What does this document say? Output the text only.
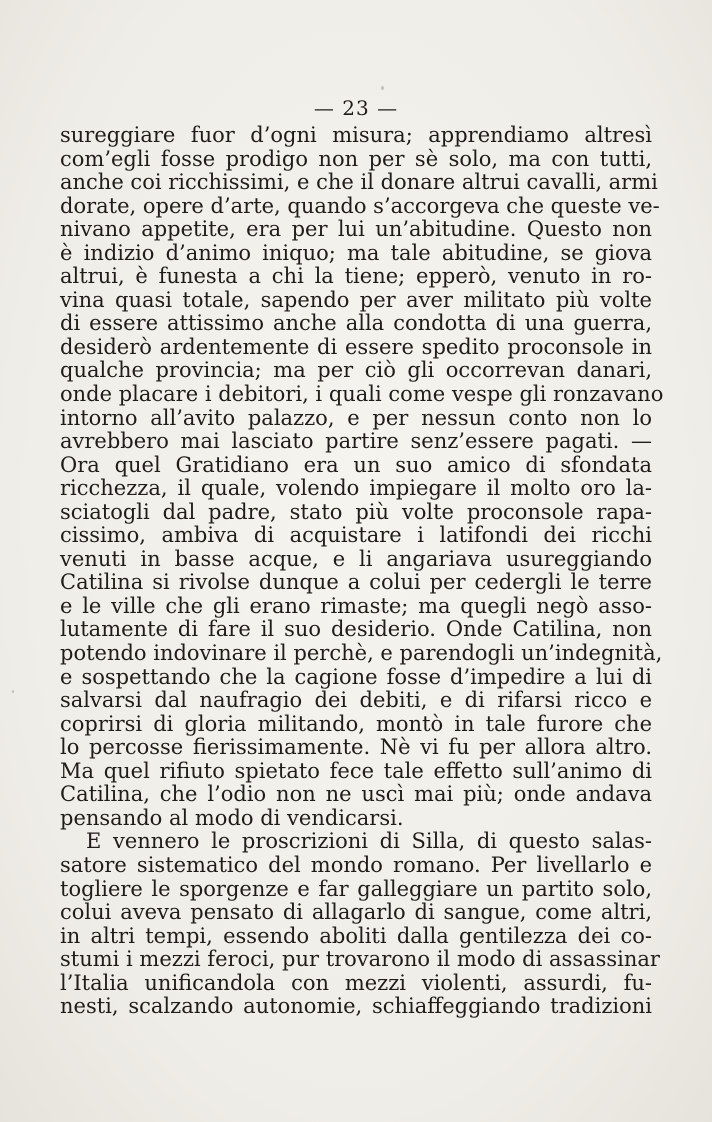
— 23 —
sureggiare fuor d’ogni misura; apprendiamo altresì
com’egli fosse prodigo non per sè solo, ma con tutti,
anche coi ricchissimi, e che il donare altrui cavalli, armi
dorate, opere d’arte, quando s’accorgeva che queste ve-
nivano appetite, era per lui un’abitudine. Questo non
è indizio d’animo iniquo; ma tale abitudine, se giova
altrui, è funesta a chi la tiene; epperò, venuto in ro-
vina quasi totale, sapendo per aver militato più volte
di essere attissimo anche alla condotta di una guerra,
desiderò ardentemente di essere spedito proconsole in
qualche provincia; ma per ciò gli occorrevan danari,
onde placare i debitori, i quali come vespe gli ronzavano
intorno all’avito palazzo, e per nessun conto non lo
avrebbero mai lasciato partire senz’essere pagati. —
Ora quel Gratidiano era un suo amico di sfondata
ricchezza, il quale, volendo impiegare il molto oro la-
sciatogli dal padre, stato più volte proconsole rapa-
cissimo, ambiva di acquistare i latifondi dei ricchi
venuti in basse acque, e li angariava usureggiando
Catilina si rivolse dunque a colui per cedergli le terre
e le ville che gli erano rimaste; ma quegli negò asso-
lutamente di fare il suo desiderio. Onde Catilina, non
potendo indovinare il perchè, e parendogli un’indegnità,
e sospettando che la cagione fosse d’impedire a lui di
salvarsi dal naufragio dei debiti, e di rifarsi ricco e
coprirsi di gloria militando, montò in tale furore che
lo percosse fierissimamente. Nè vi fu per allora altro.
Ma quel rifiuto spietato fece tale effetto sull’animo di
Catilina, che l’odio non ne uscì mai più; onde andava
pensando al modo di vendicarsi.
E vennero le proscrizioni di Silla, di questo salas-
satore sistematico del mondo romano. Per livellarlo e
togliere le sporgenze e far galleggiare un partito solo,
colui aveva pensato di allagarlo di sangue, come altri,
in altri tempi, essendo aboliti dalla gentilezza dei co-
stumi i mezzi feroci, pur trovarono il modo di assassinar
l’Italia unificandola con mezzi violenti, assurdi, fu-
nesti, scalzando autonomie, schiaffeggiando tradizioni
